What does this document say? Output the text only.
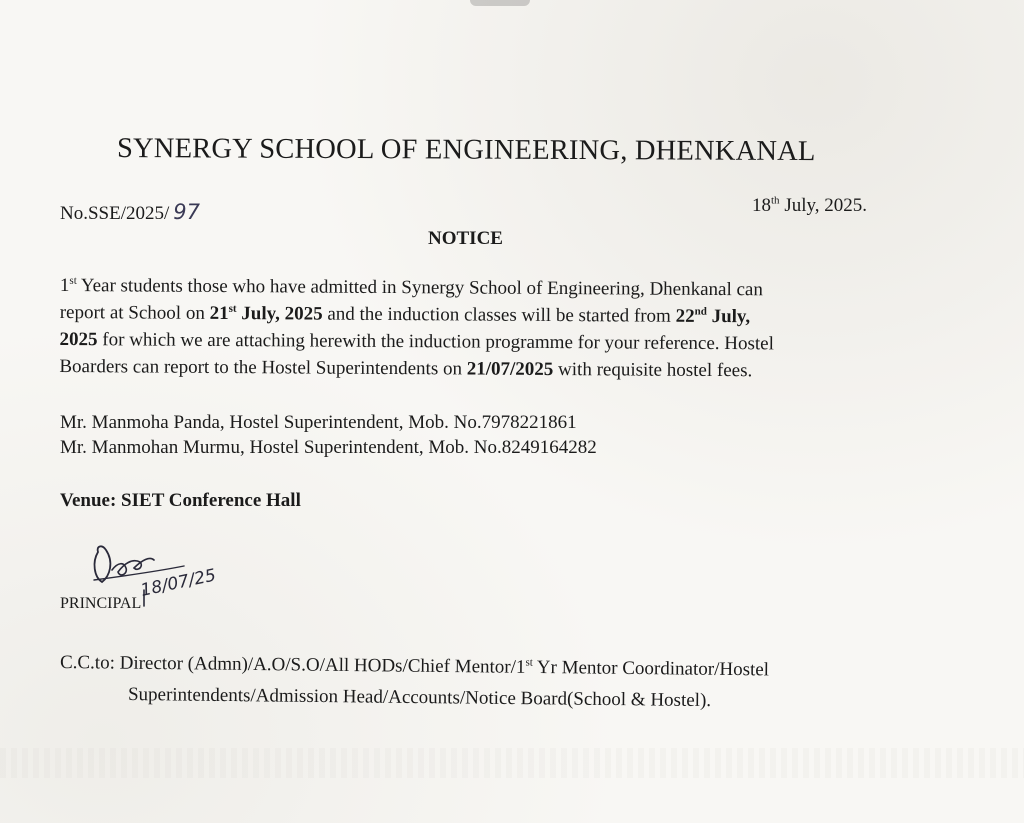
SYNERGY SCHOOL OF ENGINEERING, DHENKANAL
No.SSE/2025/ 97	18th July, 2025.
NOTICE
1st Year students those who have admitted in Synergy School of Engineering, Dhenkanal can
report at School on 21st July, 2025 and the induction classes will be started from 22nd July,
2025 for which we are attaching herewith the induction programme for your reference. Hostel
Boarders can report to the Hostel Superintendents on 21/07/2025 with requisite hostel fees.
Mr. Manmoha Panda, Hostel Superintendent, Mob. No.7978221861
Mr. Manmohan Murmu, Hostel Superintendent, Mob. No.8249164282
Venue: SIET Conference Hall
18/07/25
PRINCIPAL
C.C.to: Director (Admn)/A.O/S.O/All HODs/Chief Mentor/1st Yr Mentor Coordinator/Hostel
Superintendents/Admission Head/Accounts/Notice Board(School & Hostel).
